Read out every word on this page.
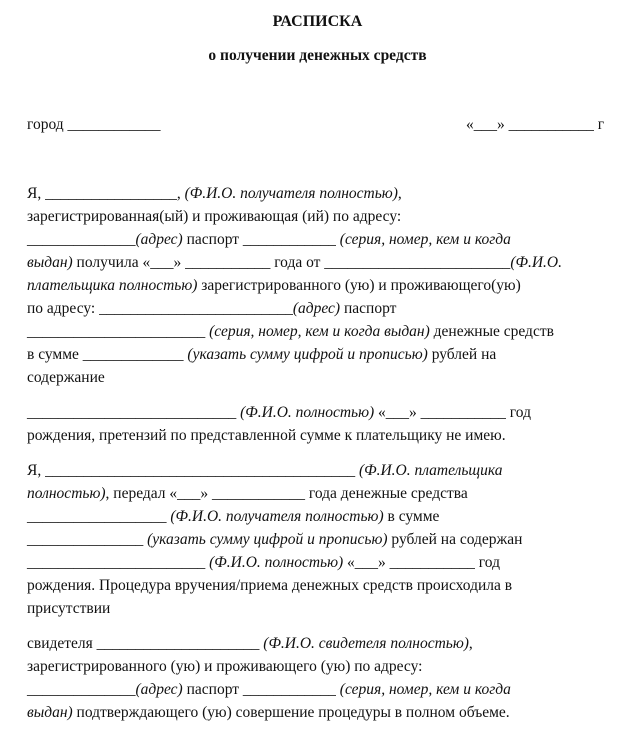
РАСПИСКА
о получении денежных средств
город ____________	«___» ___________ г
Я, _________________, (Ф.И.О. получателя полностью),
зарегистрированная(ый) и проживающая (ий) по адресу:
______________(адрес) паспорт ____________ (серия, номер, кем и когда
выдан) получила «___» ___________ года от ________________________(Ф.И.О.
плательщика полностью) зарегистрированного (ую) и проживающего(ую)
по адресу: _________________________(адрес) паспорт
_______________________ (серия, номер, кем и когда выдан) денежные средств
в сумме _____________ (указать сумму цифрой и прописью) рублей на
содержание
___________________________ (Ф.И.О. полностью) «___» ___________ год
рождения, претензий по представленной сумме к плательщику не имею.
Я, ________________________________________ (Ф.И.О. плательщика
полностью), передал «___» ____________ года денежные средства
__________________ (Ф.И.О. получателя полностью) в сумме
_______________ (указать сумму цифрой и прописью) рублей на содержан
_______________________ (Ф.И.О. полностью) «___» ___________ год
рождения. Процедура вручения/приема денежных средств происходила в
присутствии
свидетеля _____________________ (Ф.И.О. свидетеля полностью),
зарегистрированного (ую) и проживающего (ую) по адресу:
______________(адрес) паспорт ____________ (серия, номер, кем и когда
выдан) подтверждающего (ую) совершение процедуры в полном объеме.
